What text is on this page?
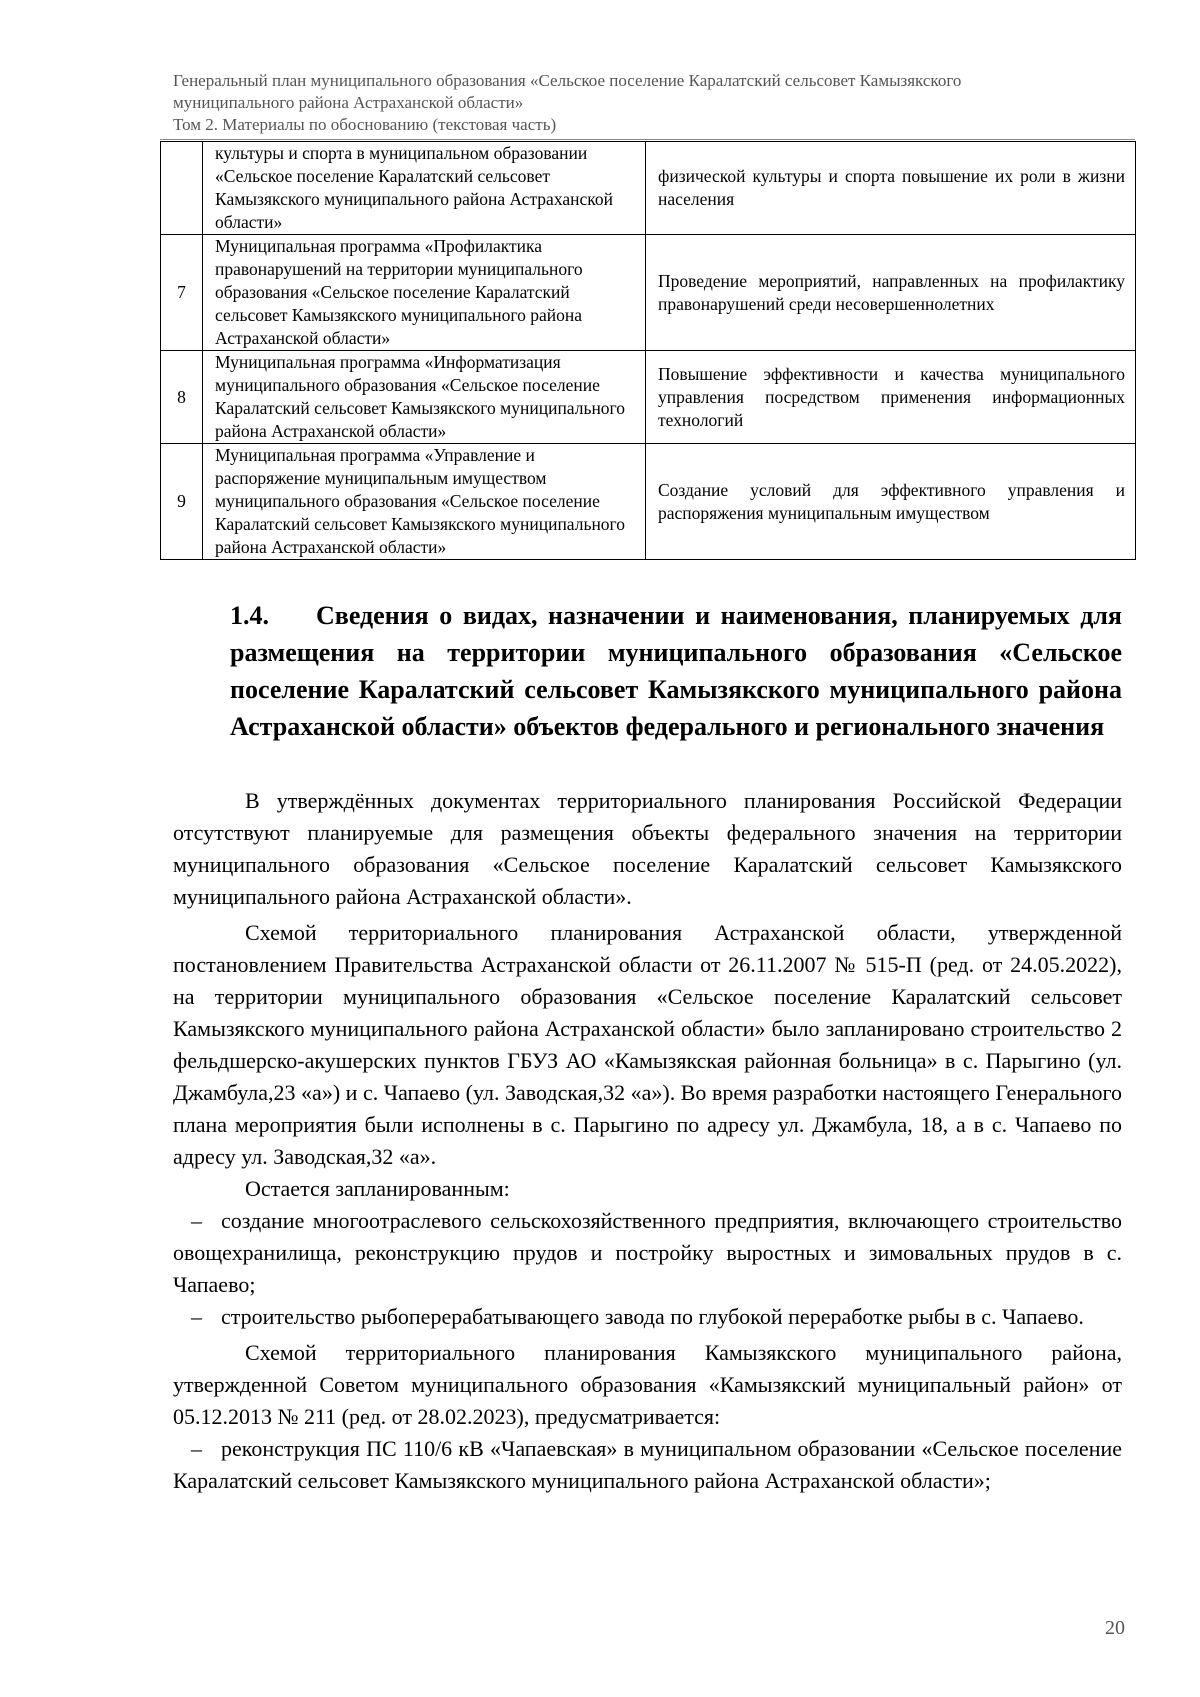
Генеральный план муниципального образования «Сельское поселение Каралатский сельсовет Камызякского
муниципального района Астраханской области»
Том 2. Материалы по обоснованию (текстовая часть)
	культуры и спорта в муниципальном образовании «Сельское поселение Каралатский сельсовет Камызякского муниципального района Астраханской области»	физической культуры и спорта повышение их роли в жизни населения
7	Муниципальная программа «Профилактика правонарушений на территории муниципального образования «Сельское поселение Каралатский сельсовет Камызякского муниципального района Астраханской области»	Проведение мероприятий, направленных на профилактику правонарушений среди несовершеннолетних
8	Муниципальная программа «Информатизация муниципального образования «Сельское поселение Каралатский сельсовет Камызякского муниципального района Астраханской области»	Повышение эффективности и качества муниципального управления посредством применения информационных технологий
9	Муниципальная программа «Управление и распоряжение муниципальным имуществом муниципального образования «Сельское поселение Каралатский сельсовет Камызякского муниципального района Астраханской области»	Создание условий для эффективного управления и распоряжения муниципальным имуществом
1.4. Сведения о видах, назначении и наименования, планируемых для размещения на территории муниципального образования «Сельское поселение Каралатский сельсовет Камызякского муниципального района Астраханской области» объектов федерального и регионального значения

В утверждённых документах территориального планирования Российской Федерации отсутствуют планируемые для размещения объекты федерального значения на территории муниципального образования «Сельское поселение Каралатский сельсовет Камызякского муниципального района Астраханской области».

Схемой территориального планирования Астраханской области, утвержденной постановлением Правительства Астраханской области от 26.11.2007 № 515-П (ред. от 24.05.2022), на территории муниципального образования «Сельское поселение Каралатский сельсовет Камызякского муниципального района Астраханской области» было запланировано строительство 2 фельдшерско-акушерских пунктов ГБУЗ АО «Камызякская районная больница» в с. Парыгино (ул. Джамбула,23 «а») и с. Чапаево (ул. Заводская,32 «а»). Во время разработки настоящего Генерального плана мероприятия были исполнены в с. Парыгино по адресу ул. Джамбула, 18, а в с. Чапаево по адресу ул. Заводская,32 «а».

Остается запланированным:

– создание многоотраслевого сельскохозяйственного предприятия, включающего строительство овощехранилища, реконструкцию прудов и постройку выростных и зимовальных прудов в с. Чапаево;

– строительство рыбоперерабатывающего завода по глубокой переработке рыбы в с. Чапаево.

Схемой территориального планирования Камызякского муниципального района, утвержденной Советом муниципального образования «Камызякский муниципальный район» от 05.12.2013 № 211 (ред. от 28.02.2023), предусматривается:

– реконструкция ПС 110/6 кВ «Чапаевская» в муниципальном образовании «Сельское поселение Каралатский сельсовет Камызякского муниципального района Астраханской области»;

20
